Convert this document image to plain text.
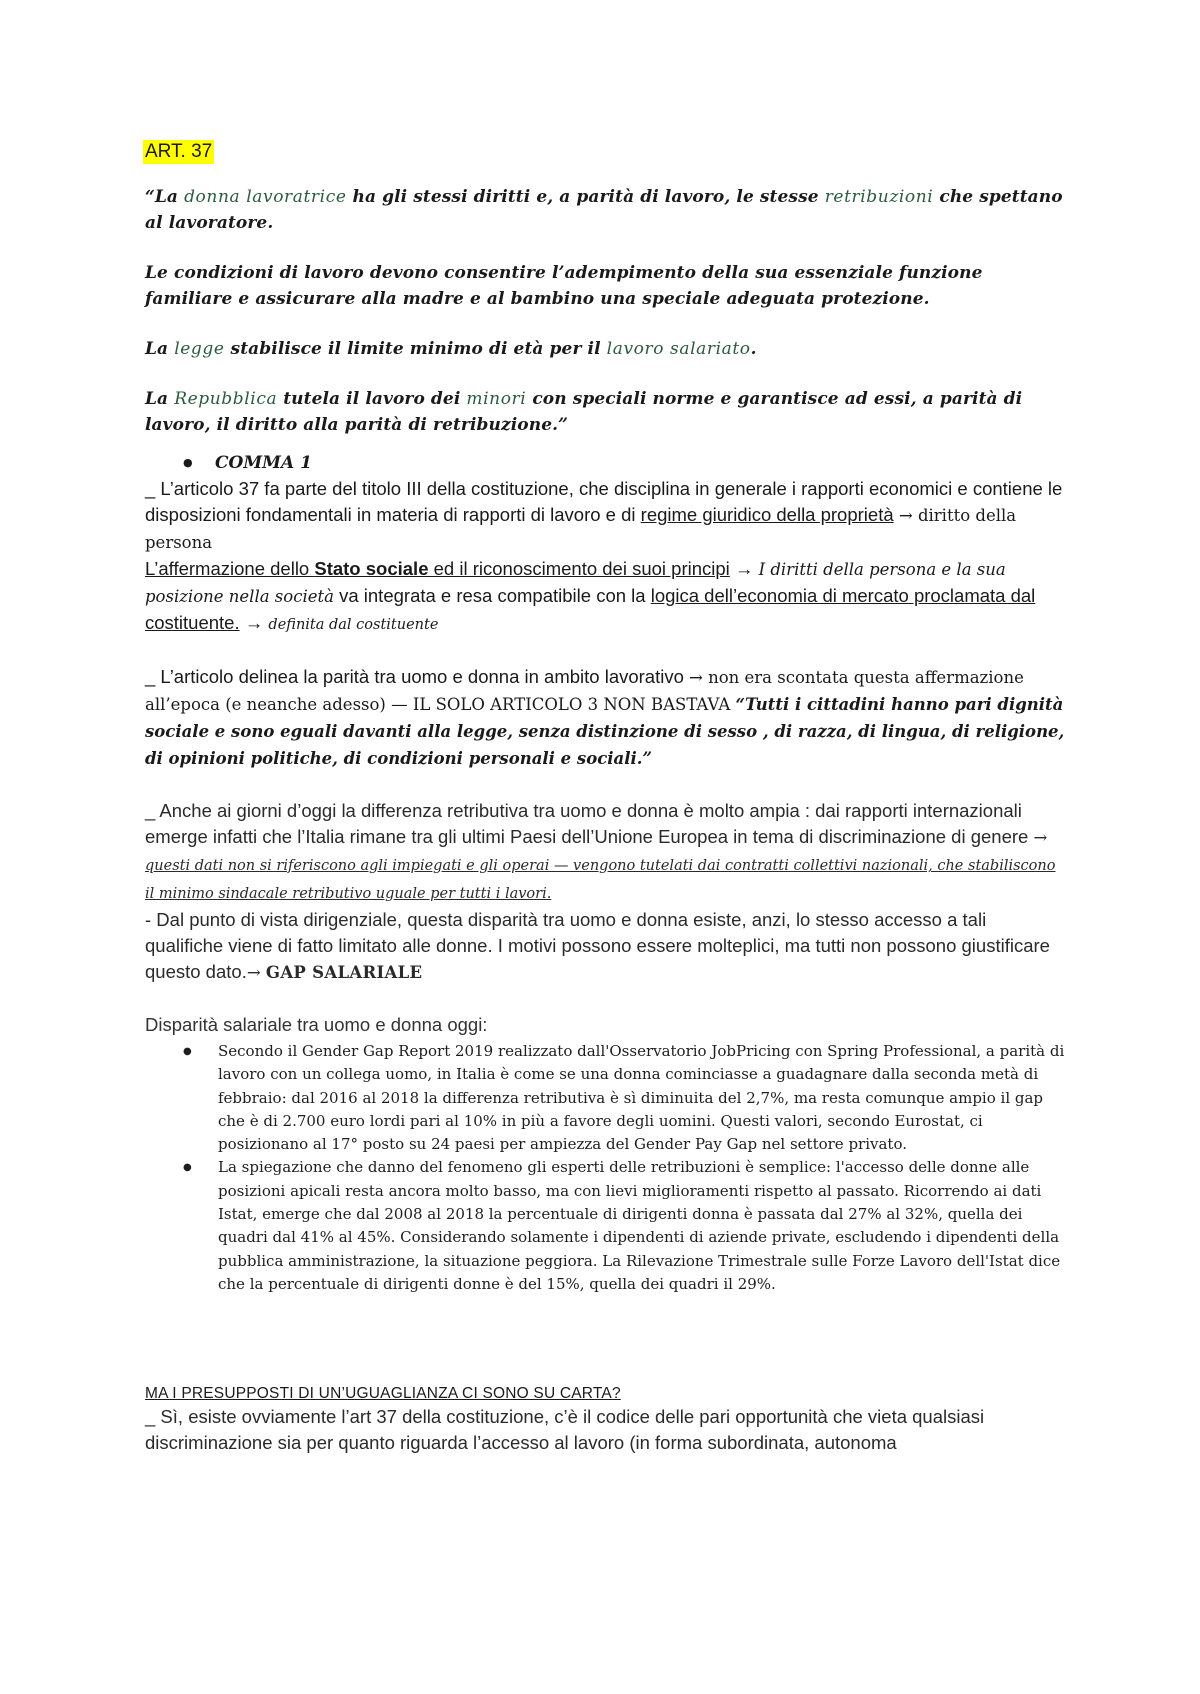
ART. 37

“La donna lavoratrice ha gli stessi diritti e, a parità di lavoro, le stesse retribuzioni che spettano al lavoratore.

Le condizioni di lavoro devono consentire l’adempimento della sua essenziale funzione familiare e assicurare alla madre e al bambino una speciale adeguata protezione.

La legge stabilisce il limite minimo di età per il lavoro salariato.

La Repubblica tutela il lavoro dei minori con speciali norme e garantisce ad essi, a parità di lavoro, il diritto alla parità di retribuzione.”

● COMMA 1

_ L’articolo 37 fa parte del titolo III della costituzione, che disciplina in generale i rapporti economici e contiene le disposizioni fondamentali in materia di rapporti di lavoro e di regime giuridico della proprietà → diritto della persona

L’affermazione dello Stato sociale ed il riconoscimento dei suoi principi → I diritti della persona e la sua posizione nella società va integrata e resa compatibile con la logica dell’economia di mercato proclamata dal costituente. → definita dal costituente

_ L’articolo delinea la parità tra uomo e donna in ambito lavorativo → non era scontata questa affermazione all’epoca (e neanche adesso) — IL SOLO ARTICOLO 3 NON BASTAVA “Tutti i cittadini hanno pari dignità sociale e sono eguali davanti alla legge, senza distinzione di sesso , di razza, di lingua, di religione, di opinioni politiche, di condizioni personali e sociali.”

_ Anche ai giorni d’oggi la differenza retributiva tra uomo e donna è molto ampia : dai rapporti internazionali emerge infatti che l’Italia rimane tra gli ultimi Paesi dell’Unione Europea in tema di discriminazione di genere → questi dati non si riferiscono agli impiegati e gli operai — vengono tutelati dai contratti collettivi nazionali, che stabiliscono il minimo sindacale retributivo uguale per tutti i lavori.
- Dal punto di vista dirigenziale, questa disparità tra uomo e donna esiste, anzi, lo stesso accesso a tali qualifiche viene di fatto limitato alle donne. I motivi possono essere molteplici, ma tutti non possono giustificare questo dato.→ GAP SALARIALE

Disparità salariale tra uomo e donna oggi:

● Secondo il Gender Gap Report 2019 realizzato dall'Osservatorio JobPricing con Spring Professional, a parità di lavoro con un collega uomo, in Italia è come se una donna cominciasse a guadagnare dalla seconda metà di febbraio: dal 2016 al 2018 la differenza retributiva è sì diminuita del 2,7%, ma resta comunque ampio il gap che è di 2.700 euro lordi pari al 10% in più a favore degli uomini. Questi valori, secondo Eurostat, ci posizionano al 17° posto su 24 paesi per ampiezza del Gender Pay Gap nel settore privato.
● La spiegazione che danno del fenomeno gli esperti delle retribuzioni è semplice: l'accesso delle donne alle posizioni apicali resta ancora molto basso, ma con lievi miglioramenti rispetto al passato. Ricorrendo ai dati Istat, emerge che dal 2008 al 2018 la percentuale di dirigenti donna è passata dal 27% al 32%, quella dei quadri dal 41% al 45%. Considerando solamente i dipendenti di aziende private, escludendo i dipendenti della pubblica amministrazione, la situazione peggiora. La Rilevazione Trimestrale sulle Forze Lavoro dell'Istat dice che la percentuale di dirigenti donne è del 15%, quella dei quadri il 29%.
MA I PRESUPPOSTI DI UN’UGUAGLIANZA CI SONO SU CARTA?

_ Sì, esiste ovviamente l’art 37 della costituzione, c’è il codice delle pari opportunità che vieta qualsiasi discriminazione sia per quanto riguarda l’accesso al lavoro (in forma subordinata, autonoma
